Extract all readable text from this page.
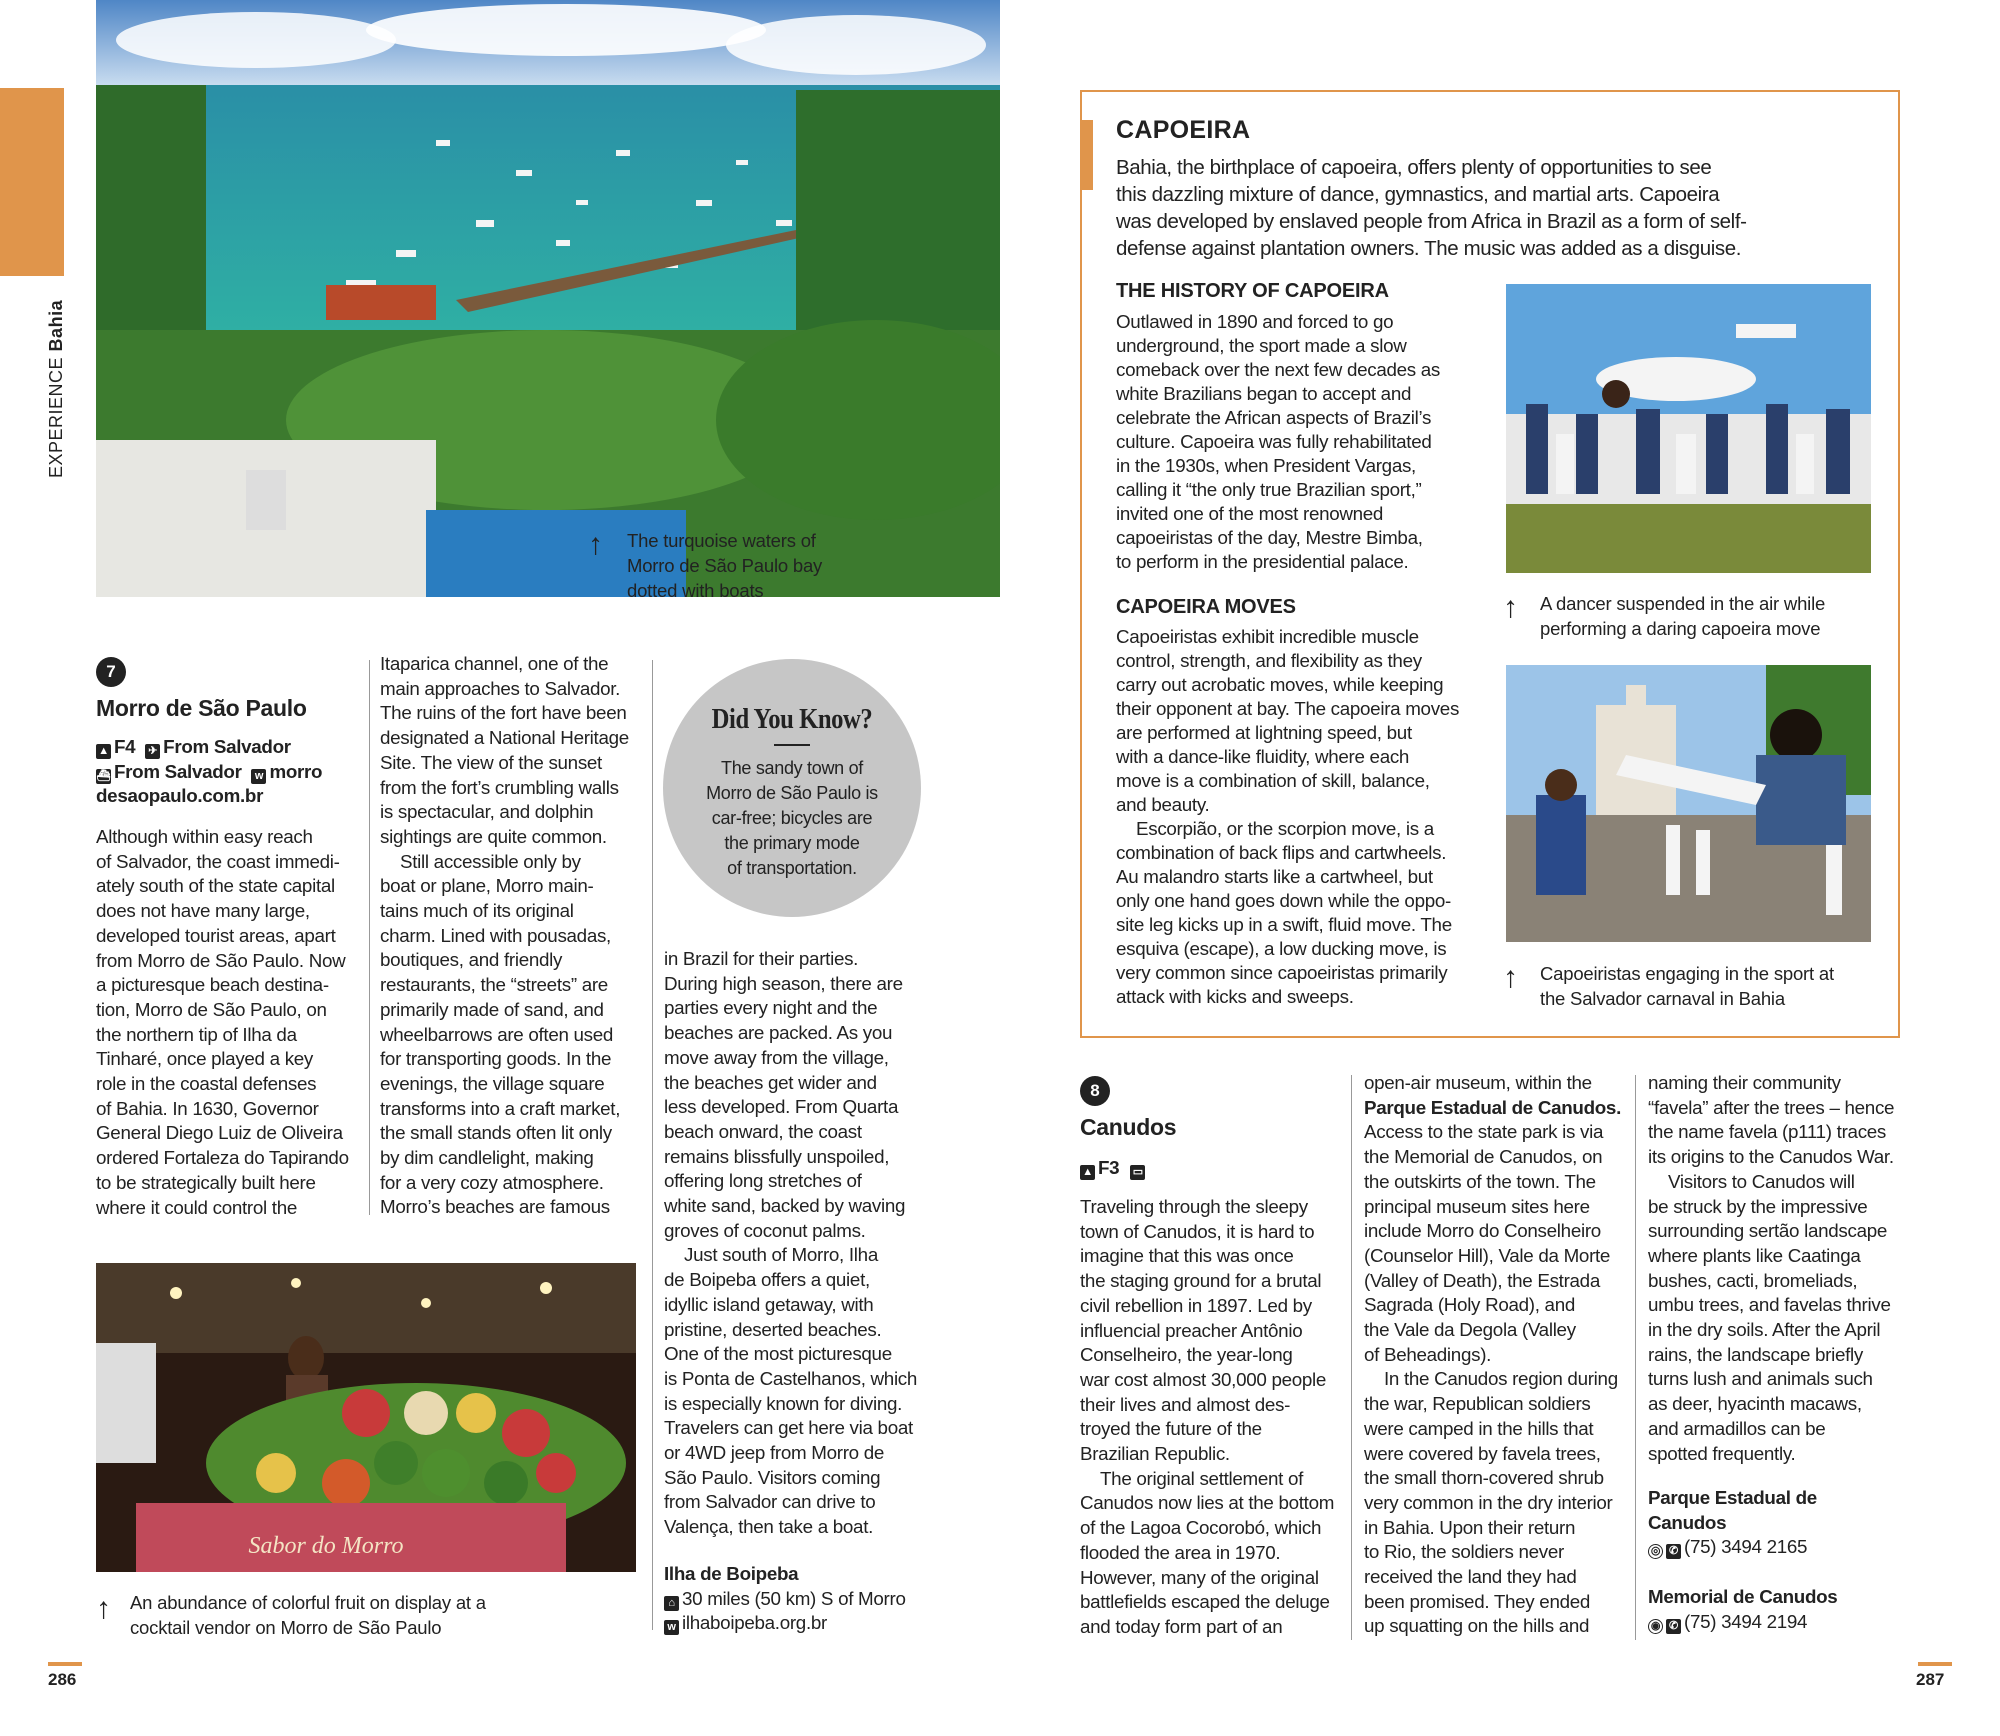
EXPERIENCE Bahia
↑ The turquoise waters of Morro de São Paulo bay dotted with boats
7
Morro de São Paulo
▲ F4 ✈ From Salvador
⛴ From Salvador w morro
desaopaulo.com.br

Although within easy reach

of Salvador, the coast immedi-

ately south of the state capital

does not have many large,

developed tourist areas, apart

from Morro de São Paulo. Now

a picturesque beach destina-

tion, Morro de São Paulo, on

the northern tip of Ilha da

Tinharé, once played a key

role in the coastal defenses

of Bahia. In 1630, Governor

General Diego Luiz de Oliveira

ordered Fortaleza do Tapirando

to be strategically built here

where it could control the

Itaparica channel, one of the

main approaches to Salvador.

The ruins of the fort have been

designated a National Heritage

Site. The view of the sunset

from the fort’s crumbling walls

is spectacular, and dolphin

sightings are quite common.

Still accessible only by

boat or plane, Morro main-

tains much of its original

charm. Lined with pousadas,

boutiques, and friendly

restaurants, the “streets” are

primarily made of sand, and

wheelbarrows are often used

for transporting goods. In the

evenings, the village square

transforms into a craft market,

the small stands often lit only

by dim candlelight, making

for a very cozy atmosphere.

Morro’s beaches are famous

Did You Know?
The sandy town of
Morro de São Paulo is
car-free; bicycles are
the primary mode
of transportation.

in Brazil for their parties.

During high season, there are

parties every night and the

beaches are packed. As you

move away from the village,

the beaches get wider and

less developed. From Quarta

beach onward, the coast

remains blissfully unspoiled,

offering long stretches of

white sand, backed by waving

groves of coconut palms.

Just south of Morro, Ilha

de Boipeba offers a quiet,

idyllic island getaway, with

pristine, deserted beaches.

One of the most picturesque

is Ponta de Castelhanos, which

is especially known for diving.

Travelers can get here via boat

or 4WD jeep from Morro de

São Paulo. Visitors coming

from Salvador can drive to

Valença, then take a boat.

Ilha de Boipeba
⌂ 30 miles (50 km) S of Morro
w ilhaboipeba.org.br
Sabor do Morro
↑ An abundance of colorful fruit on display at a cocktail vendor on Morro de São Paulo
286
CAPOEIRA
Bahia, the birthplace of capoeira, offers plenty of opportunities to see
this dazzling mixture of dance, gymnastics, and martial arts. Capoeira
was developed by enslaved people from Africa in Brazil as a form of self-
defense against plantation owners. The music was added as a disguise.
THE HISTORY OF CAPOEIRA

Outlawed in 1890 and forced to go

underground, the sport made a slow

comeback over the next few decades as

white Brazilians began to accept and

celebrate the African aspects of Brazil’s

culture. Capoeira was fully rehabilitated

in the 1930s, when President Vargas,

calling it “the only true Brazilian sport,”

invited one of the most renowned

capoeiristas of the day, Mestre Bimba,

to perform in the presidential palace.

CAPOEIRA MOVES

Capoeiristas exhibit incredible muscle

control, strength, and flexibility as they

carry out acrobatic moves, while keeping

their opponent at bay. The capoeira moves

are performed at lightning speed, but

with a dance-like fluidity, where each

move is a combination of skill, balance,

and beauty.

Escorpião, or the scorpion move, is a

combination of back flips and cartwheels.

Au malandro starts like a cartwheel, but

only one hand goes down while the oppo-

site leg kicks up in a swift, fluid move. The

esquiva (escape), a low ducking move, is

very common since capoeiristas primarily

attack with kicks and sweeps.

↑ A dancer suspended in the air while performing a daring capoeira move
↑ Capoeiristas engaging in the sport at the Salvador carnaval in Bahia
8
Canudos
▲ F3 ▭

Traveling through the sleepy

town of Canudos, it is hard to

imagine that this was once

the staging ground for a brutal

civil rebellion in 1897. Led by

influencial preacher Antônio

Conselheiro, the year-long

war cost almost 30,000 people

their lives and almost des-

troyed the future of the

Brazilian Republic.

The original settlement of

Canudos now lies at the bottom

of the Lagoa Cocorobó, which

flooded the area in 1970.

However, many of the original

battlefields escaped the deluge

and today form part of an

open-air museum, within the

Parque Estadual de Canudos.

Access to the state park is via

the Memorial de Canudos, on

the outskirts of the town. The

principal museum sites here

include Morro do Conselheiro

(Counselor Hill), Vale da Morte

(Valley of Death), the Estrada

Sagrada (Holy Road), and

the Vale da Degola (Valley

of Beheadings).

In the Canudos region during

the war, Republican soldiers

were camped in the hills that

were covered by favela trees,

the small thorn-covered shrub

very common in the dry interior

in Bahia. Upon their return

to Rio, the soldiers never

received the land they had

been promised. They ended

up squatting on the hills and

naming their community

“favela” after the trees – hence

the name favela (p111) traces

its origins to the Canudos War.

Visitors to Canudos will

be struck by the impressive

surrounding sertão landscape

where plants like Caatinga

bushes, cacti, bromeliads,

umbu trees, and favelas thrive

in the dry soils. After the April

rains, the landscape briefly

turns lush and animals such

as deer, hyacinth macaws,

and armadillos can be

spotted frequently.

Parque Estadual de
Canudos
◎ ✆ (75) 3494 2165
Memorial de Canudos
◉ ✆ (75) 3494 2194
287
